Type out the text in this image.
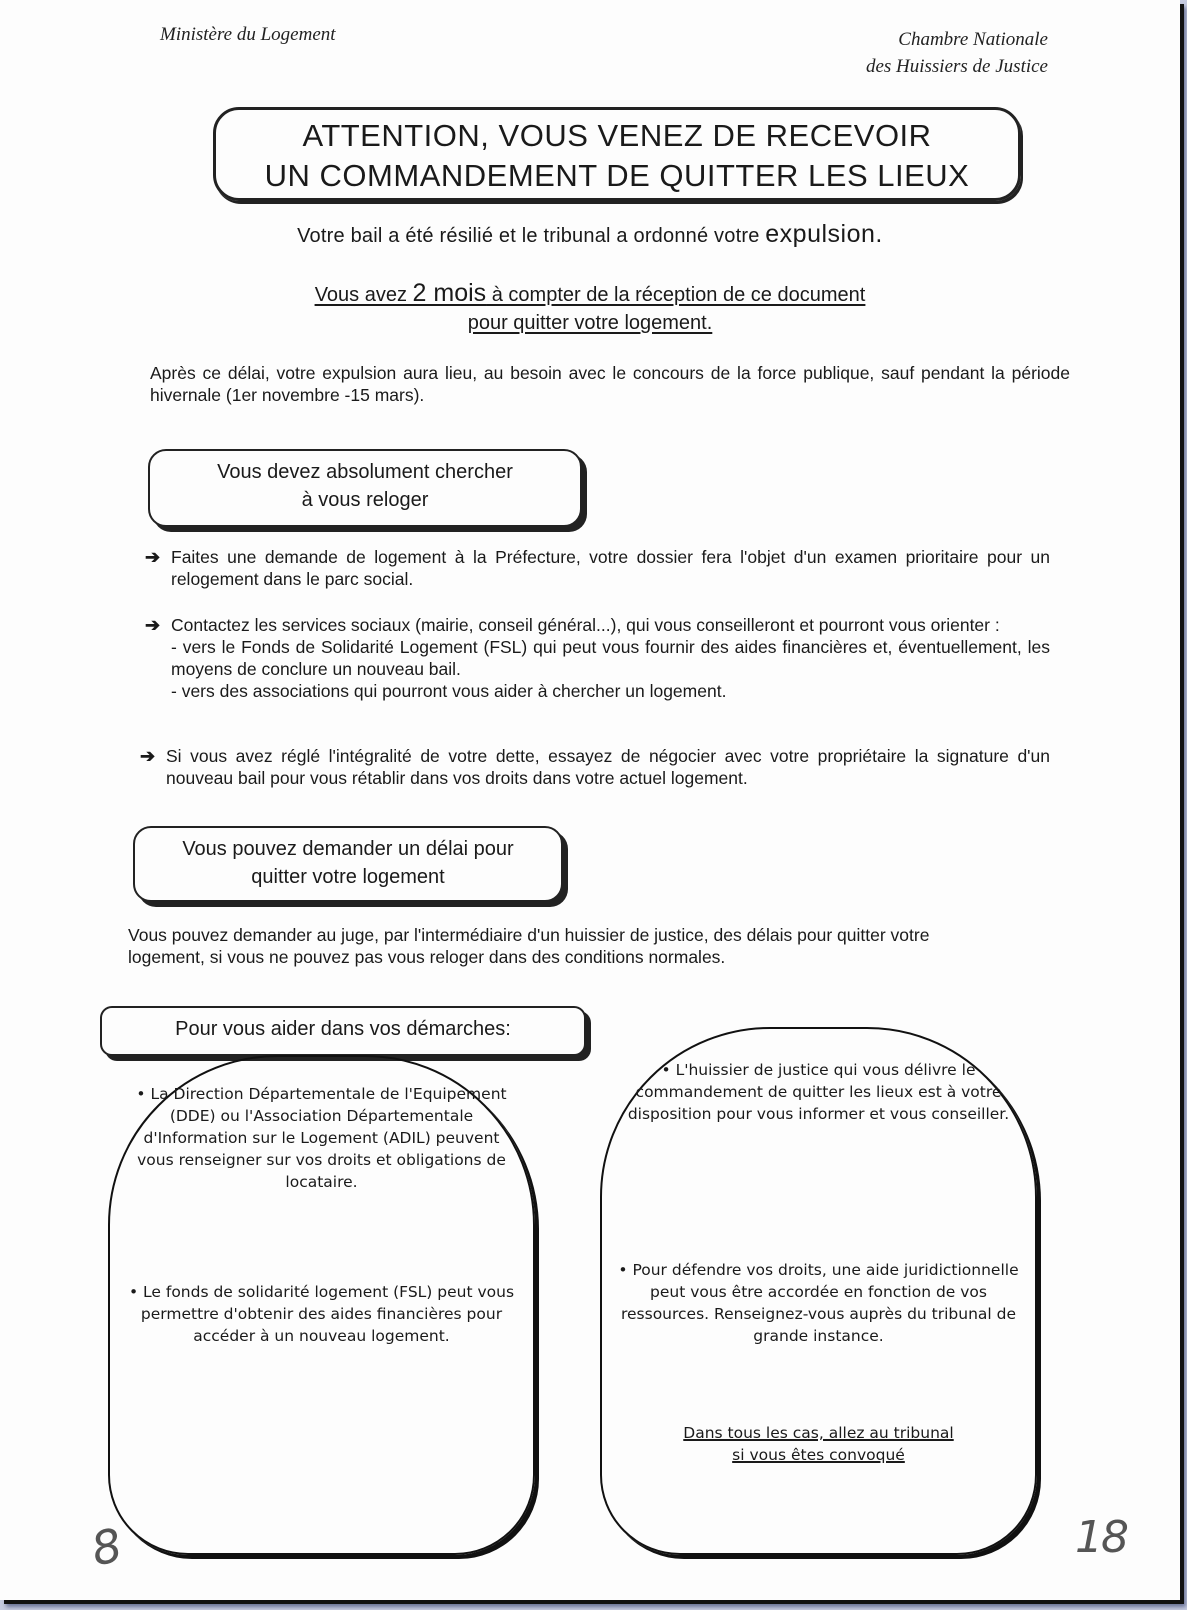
Ministère du Logement	Chambre Nationale
des Huissiers de Justice
ATTENTION, VOUS VENEZ DE RECEVOIR
UN COMMANDEMENT DE QUITTER LES LIEUX
Votre bail a été résilié et le tribunal a ordonné votre expulsion.
Vous avez 2 mois à compter de la réception de ce document
pour quitter votre logement.
Après ce délai, votre expulsion aura lieu, au besoin avec le concours de la force publique, sauf pendant la période hivernale (1er novembre -15 mars).
Vous devez absolument chercher
à vous reloger
➔ Faites une demande de logement à la Préfecture, votre dossier fera l'objet d'un examen prioritaire pour un relogement dans le parc social.
➔ Contactez les services sociaux (mairie, conseil général...), qui vous conseilleront et pourront vous orienter :
- vers le Fonds de Solidarité Logement (FSL) qui peut vous fournir des aides financières et, éventuellement, les moyens de conclure un nouveau bail.
- vers des associations qui pourront vous aider à chercher un logement.
➔ Si vous avez réglé l'intégralité de votre dette, essayez de négocier avec votre propriétaire la signature d'un nouveau bail pour vous rétablir dans vos droits dans votre actuel logement.
Vous pouvez demander un délai pour
quitter votre logement
Vous pouvez demander au juge, par l'intermédiaire d'un huissier de justice, des délais pour quitter votre logement, si vous ne pouvez pas vous reloger dans des conditions normales.
Pour vous aider dans vos démarches:
• La Direction Départementale de l'Equipement (DDE) ou l'Association Départementale d'Information sur le Logement (ADIL) peuvent vous renseigner sur vos droits et obligations de locataire.
• Le fonds de solidarité logement (FSL) peut vous permettre d'obtenir des aides financières pour accéder à un nouveau logement.
• L'huissier de justice qui vous délivre le commandement de quitter les lieux est à votre disposition pour vous informer et vous conseiller.
• Pour défendre vos droits, une aide juridictionnelle peut vous être accordée en fonction de vos ressources. Renseignez-vous auprès du tribunal de grande instance.
Dans tous les cas, allez au tribunal
si vous êtes convoqué
8	18
